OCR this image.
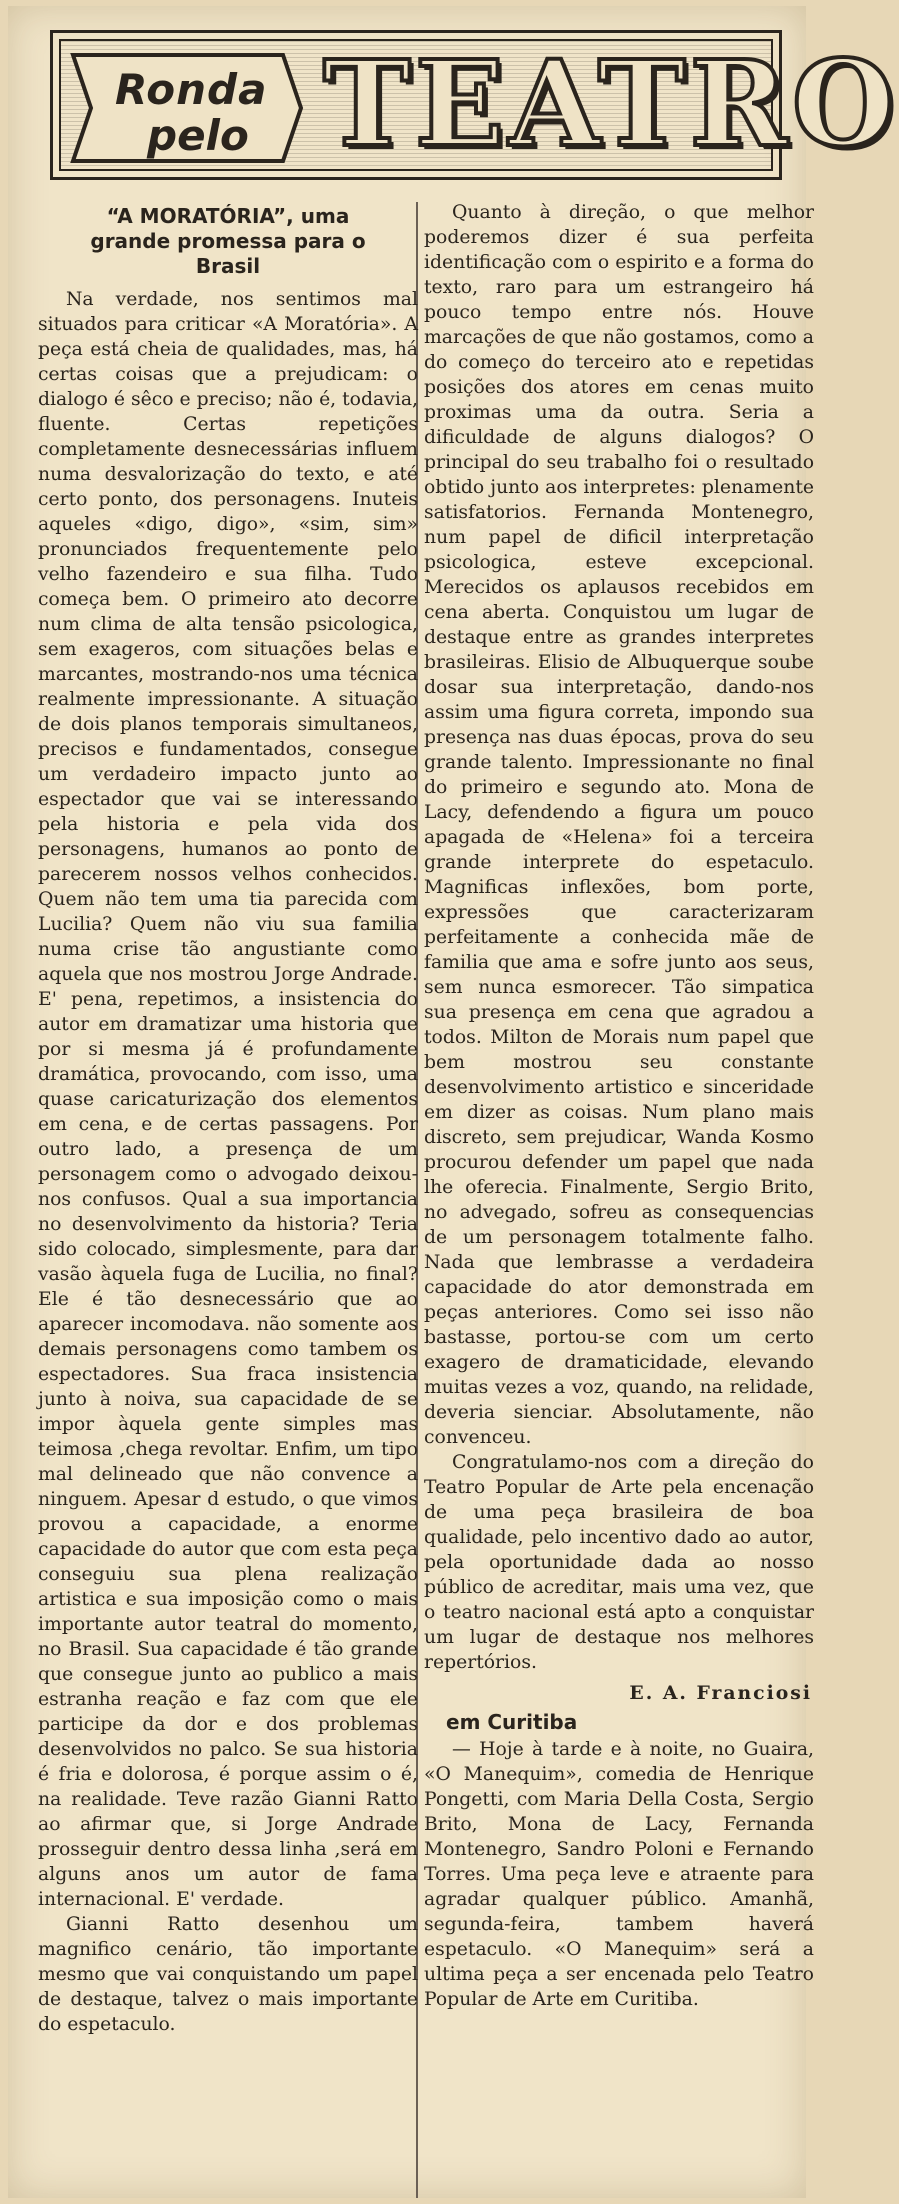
Ronda
pelo TEATRO
“A MORATÓRIA”, uma
grande promessa para o
Brasil

Na verdade, nos sentimos mal situados para criticar «A Moratória». A peça está cheia de qualidades, mas, há certas coisas que a prejudicam: o dialogo é sêco e preciso; não é, todavia, fluente. Certas repetições completamente desnecessárias influem numa desvalorização do texto, e até certo ponto, dos personagens. Inuteis aqueles «digo, digo», «sim, sim» pronunciados frequentemente pelo velho fazendeiro e sua filha. Tudo começa bem. O primeiro ato decorre num clima de alta tensão psicologica, sem exageros, com situações belas e marcantes, mostrando-nos uma técnica realmente impressionante. A situação de dois planos temporais simultaneos, precisos e fundamentados, consegue um verdadeiro impacto junto ao espectador que vai se interessando pela historia e pela vida dos personagens, humanos ao ponto de parecerem nossos velhos conhecidos. Quem não tem uma tia parecida com Lucilia? Quem não viu sua familia numa crise tão angustiante como aquela que nos mostrou Jorge Andrade. E' pena, repetimos, a insistencia do autor em dramatizar uma historia que por si mesma já é profundamente dramática, provocando, com isso, uma quase caricaturização dos elementos em cena, e de certas passagens. Por outro lado, a presença de um personagem como o advogado deixou-nos confusos. Qual a sua importancia no desenvolvimento da historia? Teria sido colocado, simplesmente, para dar vasão àquela fuga de Lucilia, no final? Ele é tão desnecessário que ao aparecer incomodava. não somente aos demais personagens como tambem os espectadores. Sua fraca insistencia junto à noiva, sua capacidade de se impor àquela gente simples mas teimosa ,chega revoltar. Enfim, um tipo mal delineado que não convence a ninguem. Apesar d estudo, o que vimos provou a capacidade, a enorme capacidade do autor que com esta peça conseguiu sua plena realização artistica e sua imposição como o mais importante autor teatral do momento, no Brasil. Sua capacidade é tão grande que consegue junto ao publico a mais estranha reação e faz com que ele participe da dor e dos problemas desenvolvidos no palco. Se sua historia é fria e dolorosa, é porque assim o é, na realidade. Teve razão Gianni Ratto ao afirmar que, si Jorge Andrade prosseguir dentro dessa linha ,será em alguns anos um autor de fama internacional. E' verdade.

Gianni Ratto desenhou um magnifico cenário, tão importante mesmo que vai conquistando um papel de destaque, talvez o mais importante do espetaculo.

Quanto à direção, o que melhor poderemos dizer é sua perfeita identificação com o espirito e a forma do texto, raro para um estrangeiro há pouco tempo entre nós. Houve marcações de que não gostamos, como a do começo do terceiro ato e repetidas posições dos atores em cenas muito proximas uma da outra. Seria a dificuldade de alguns dialogos? O principal do seu trabalho foi o resultado obtido junto aos interpretes: plenamente satisfatorios. Fernanda Montenegro, num papel de dificil interpretação psicologica, esteve excepcional. Merecidos os aplausos recebidos em cena aberta. Conquistou um lugar de destaque entre as grandes interpretes brasileiras. Elisio de Albuquerque soube dosar sua interpretação, dando-nos assim uma figura correta, impondo sua presença nas duas épocas, prova do seu grande talento. Impressionante no final do primeiro e segundo ato. Mona de Lacy, defendendo a figura um pouco apagada de «Helena» foi a terceira grande interprete do espetaculo. Magnificas inflexões, bom porte, expressões que caracterizaram perfeitamente a conhecida mãe de familia que ama e sofre junto aos seus, sem nunca esmorecer. Tão simpatica sua presença em cena que agradou a todos. Milton de Morais num papel que bem mostrou seu constante desenvolvimento artistico e sinceridade em dizer as coisas. Num plano mais discreto, sem prejudicar, Wanda Kosmo procurou defender um papel que nada lhe oferecia. Finalmente, Sergio Brito, no advegado, sofreu as consequencias de um personagem totalmente falho. Nada que lembrasse a verdadeira capacidade do ator demonstrada em peças anteriores. Como sei isso não bastasse, portou-se com um certo exagero de dramaticidade, elevando muitas vezes a voz, quando, na relidade, deveria sienciar. Absolutamente, não convenceu.

Congratulamo-nos com a direção do Teatro Popular de Arte pela encenação de uma peça brasileira de boa qualidade, pelo incentivo dado ao autor, pela oportunidade dada ao nosso público de acreditar, mais uma vez, que o teatro nacional está apto a conquistar um lugar de destaque nos melhores repertórios.

E. A. Franciosi
em Curitiba

— Hoje à tarde e à noite, no Guaira, «O Manequim», comedia de Henrique Pongetti, com Maria Della Costa, Sergio Brito, Mona de Lacy, Fernanda Montenegro, Sandro Poloni e Fernando Torres. Uma peça leve e atraente para agradar qualquer público. Amanhã, segunda-feira, tambem haverá espetaculo. «O Manequim» será a ultima peça a ser encenada pelo Teatro Popular de Arte em Curitiba.
